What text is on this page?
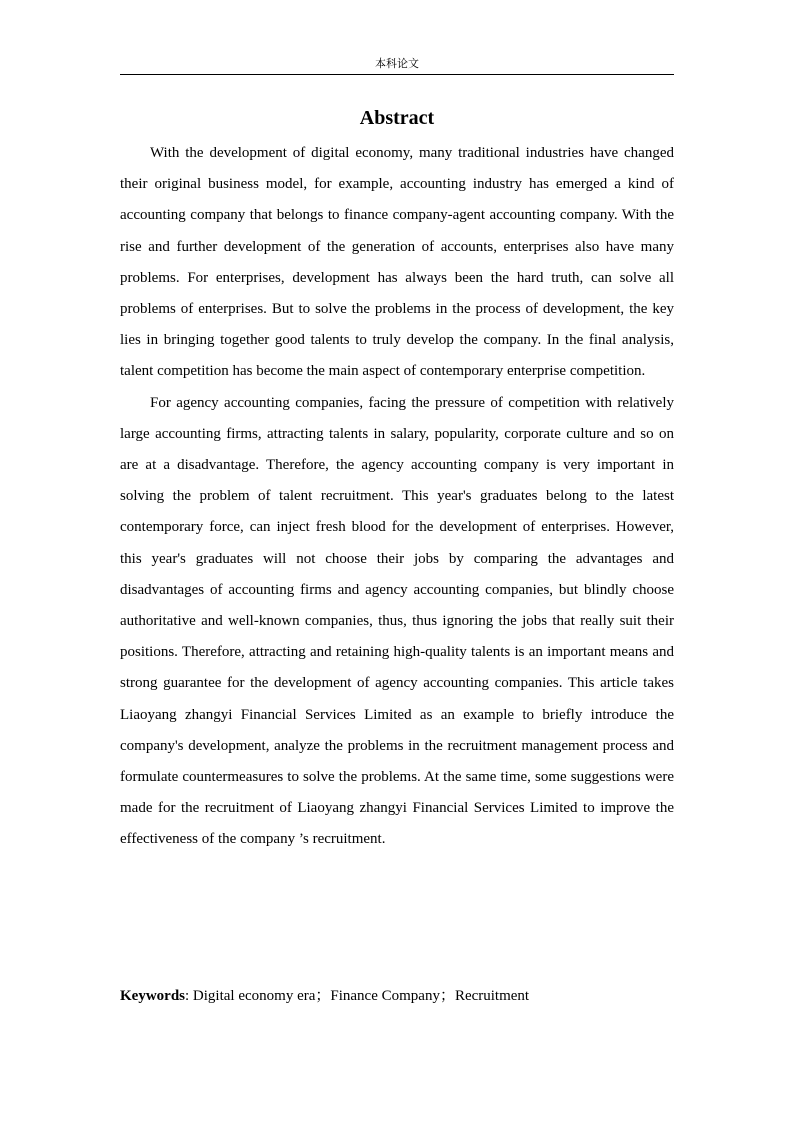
本科论文
Abstract

With the development of digital economy, many traditional industries have changed their original business model, for example, accounting industry has emerged a kind of accounting company that belongs to finance company-agent accounting company. With the rise and further development of the generation of accounts, enterprises also have many problems. For enterprises, development has always been the hard truth, can solve all problems of enterprises. But to solve the problems in the process of development, the key lies in bringing together good talents to truly develop the company. In the final analysis, talent competition has become the main aspect of contemporary enterprise competition.

For agency accounting companies, facing the pressure of competition with relatively large accounting firms, attracting talents in salary, popularity, corporate culture and so on are at a disadvantage. Therefore, the agency accounting company is very important in solving the problem of talent recruitment. This year's graduates belong to the latest contemporary force, can inject fresh blood for the development of enterprises. However, this year's graduates will not choose their jobs by comparing the advantages and disadvantages of accounting firms and agency accounting companies, but blindly choose authoritative and well-known companies, thus, thus ignoring the jobs that really suit their positions. Therefore, attracting and retaining high-quality talents is an important means and strong guarantee for the development of agency accounting companies. This article takes Liaoyang zhangyi Financial Services Limited as an example to briefly introduce the company's development, analyze the problems in the recruitment management process and formulate countermeasures to solve the problems. At the same time, some suggestions were made for the recruitment of Liaoyang zhangyi Financial Services Limited to improve the effectiveness of the company ’s recruitment.

Keywords: Digital economy era；Finance Company；Recruitment
